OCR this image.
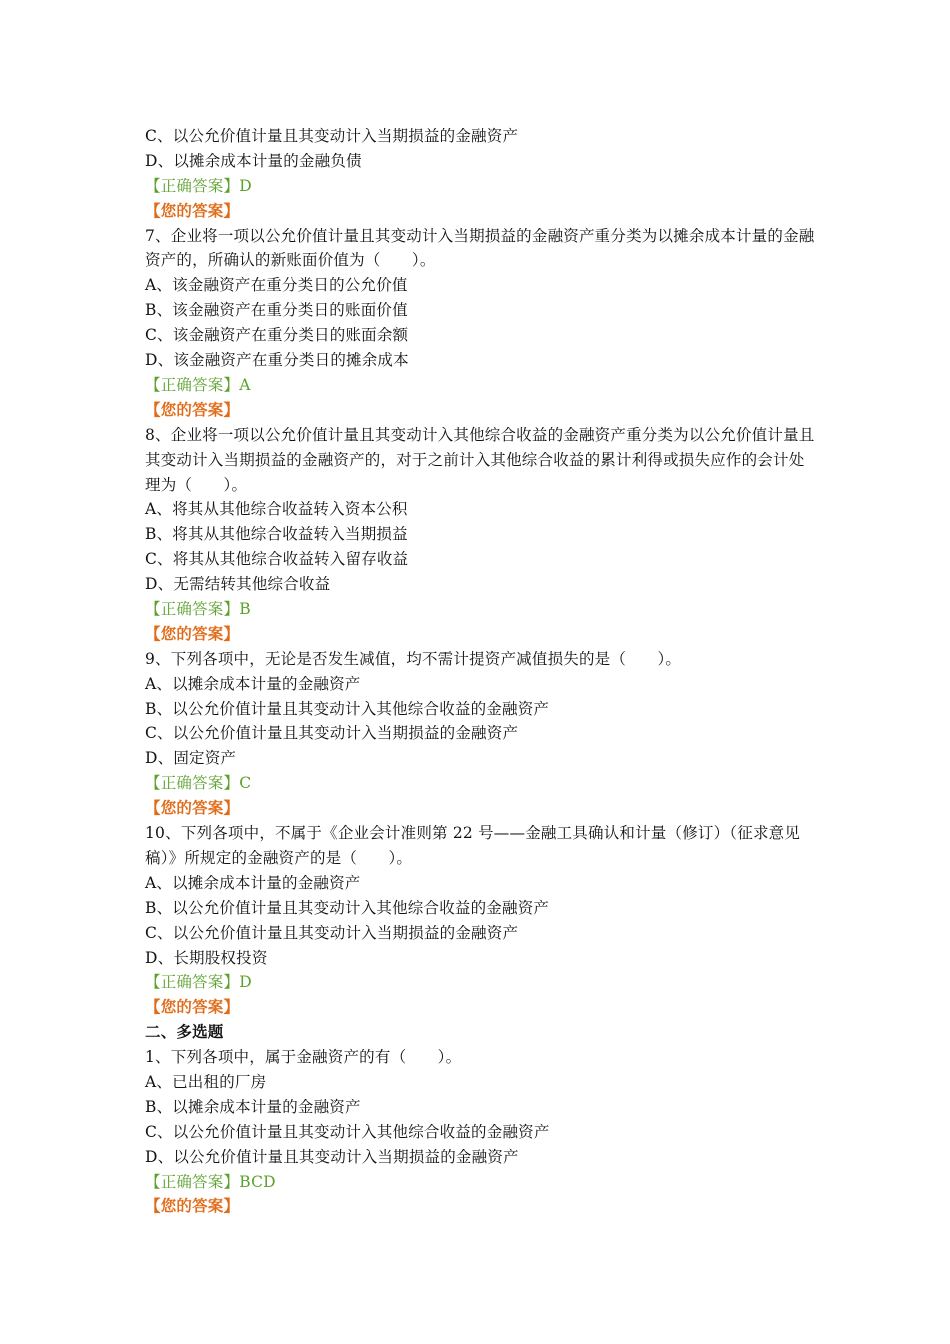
C、以公允价值计量且其变动计入当期损益的金融资产
D、以摊余成本计量的金融负债
【正确答案】D
【您的答案】
7、企业将一项以公允价值计量且其变动计入当期损益的金融资产重分类为以摊余成本计量的金融资产的，所确认的新账面价值为（　　）。
A、该金融资产在重分类日的公允价值
B、该金融资产在重分类日的账面价值
C、该金融资产在重分类日的账面余额
D、该金融资产在重分类日的摊余成本
【正确答案】A
【您的答案】
8、企业将一项以公允价值计量且其变动计入其他综合收益的金融资产重分类为以公允价值计量且其变动计入当期损益的金融资产的，对于之前计入其他综合收益的累计利得或损失应作的会计处理为（　　）。
A、将其从其他综合收益转入资本公积
B、将其从其他综合收益转入当期损益
C、将其从其他综合收益转入留存收益
D、无需结转其他综合收益
【正确答案】B
【您的答案】
9、下列各项中，无论是否发生减值，均不需计提资产减值损失的是（　　）。
A、以摊余成本计量的金融资产
B、以公允价值计量且其变动计入其他综合收益的金融资产
C、以公允价值计量且其变动计入当期损益的金融资产
D、固定资产
【正确答案】C
【您的答案】
10、下列各项中，不属于《企业会计准则第 22 号——金融工具确认和计量（修订）（征求意见稿）》所规定的金融资产的是（　　）。
A、以摊余成本计量的金融资产
B、以公允价值计量且其变动计入其他综合收益的金融资产
C、以公允价值计量且其变动计入当期损益的金融资产
D、长期股权投资
【正确答案】D
【您的答案】
二、多选题
1、下列各项中，属于金融资产的有（　　）。
A、已出租的厂房
B、以摊余成本计量的金融资产
C、以公允价值计量且其变动计入其他综合收益的金融资产
D、以公允价值计量且其变动计入当期损益的金融资产
【正确答案】BCD
【您的答案】
